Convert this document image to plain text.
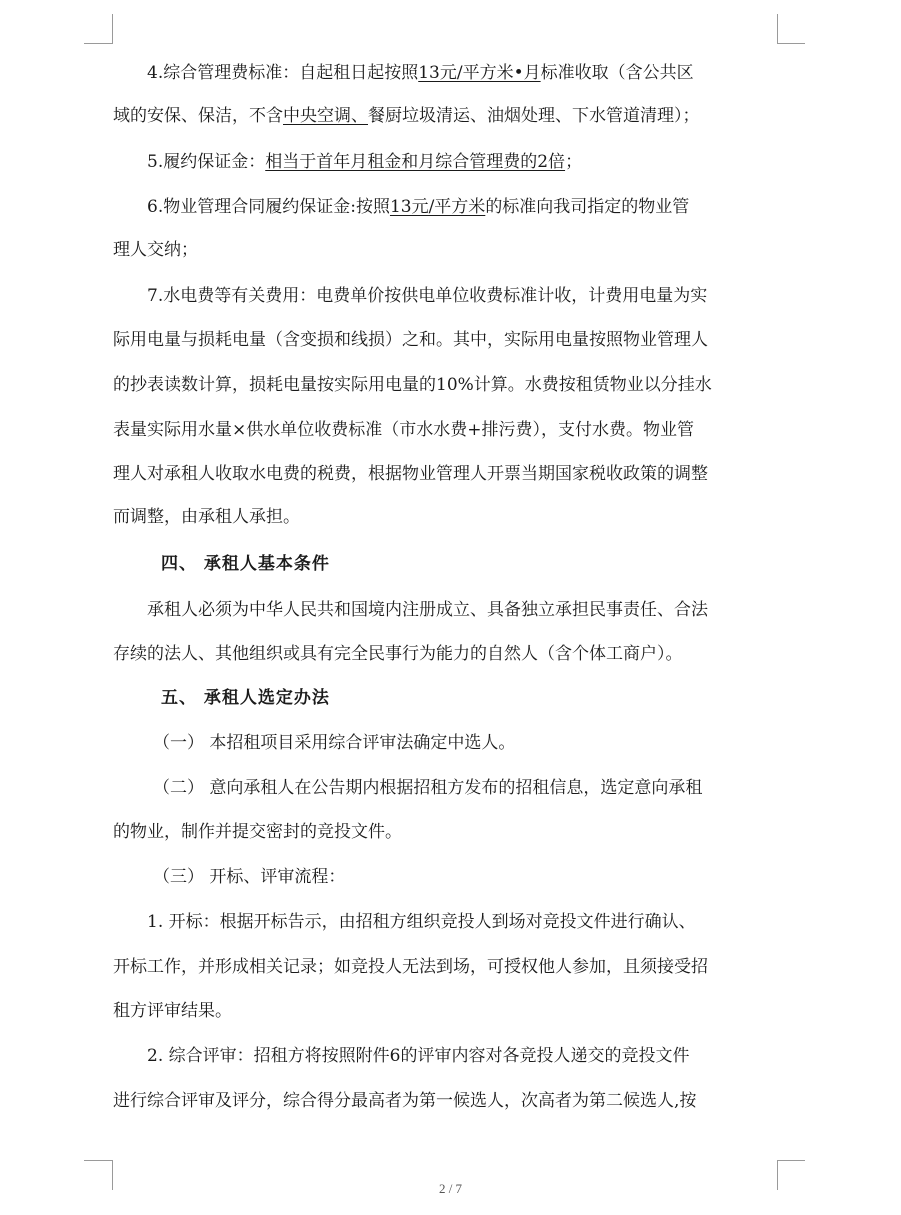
4.综合管理费标准：自起租日起按照13元/平方米•月标准收取（含公共区
域的安保、保洁，不含中央空调、餐厨垃圾清运、油烟处理、下水管道清理）；
5.履约保证金：相当于首年月租金和月综合管理费的2倍；
6.物业管理合同履约保证金:按照13元/平方米的标准向我司指定的物业管
理人交纳；
7.水电费等有关费用：电费单价按供电单位收费标准计收，计费用电量为实
际用电量与损耗电量（含变损和线损）之和。其中，实际用电量按照物业管理人
的抄表读数计算，损耗电量按实际用电量的10%计算。水费按租赁物业以分挂水
表量实际用水量×供水单位收费标准（市水水费+排污费），支付水费。物业管
理人对承租人收取水电费的税费，根据物业管理人开票当期国家税收政策的调整
而调整，由承租人承担。
四、 承租人基本条件
承租人必须为中华人民共和国境内注册成立、具备独立承担民事责任、合法
存续的法人、其他组织或具有完全民事行为能力的自然人（含个体工商户）。
五、 承租人选定办法
（一） 本招租项目采用综合评审法确定中选人。
（二） 意向承租人在公告期内根据招租方发布的招租信息，选定意向承租
的物业，制作并提交密封的竞投文件。
（三） 开标、评审流程：
1. 开标：根据开标告示，由招租方组织竞投人到场对竞投文件进行确认、
开标工作，并形成相关记录；如竞投人无法到场，可授权他人参加，且须接受招
租方评审结果。
2. 综合评审：招租方将按照附件6的评审内容对各竞投人递交的竞投文件
进行综合评审及评分，综合得分最高者为第一候选人，次高者为第二候选人,按
2 / 7
